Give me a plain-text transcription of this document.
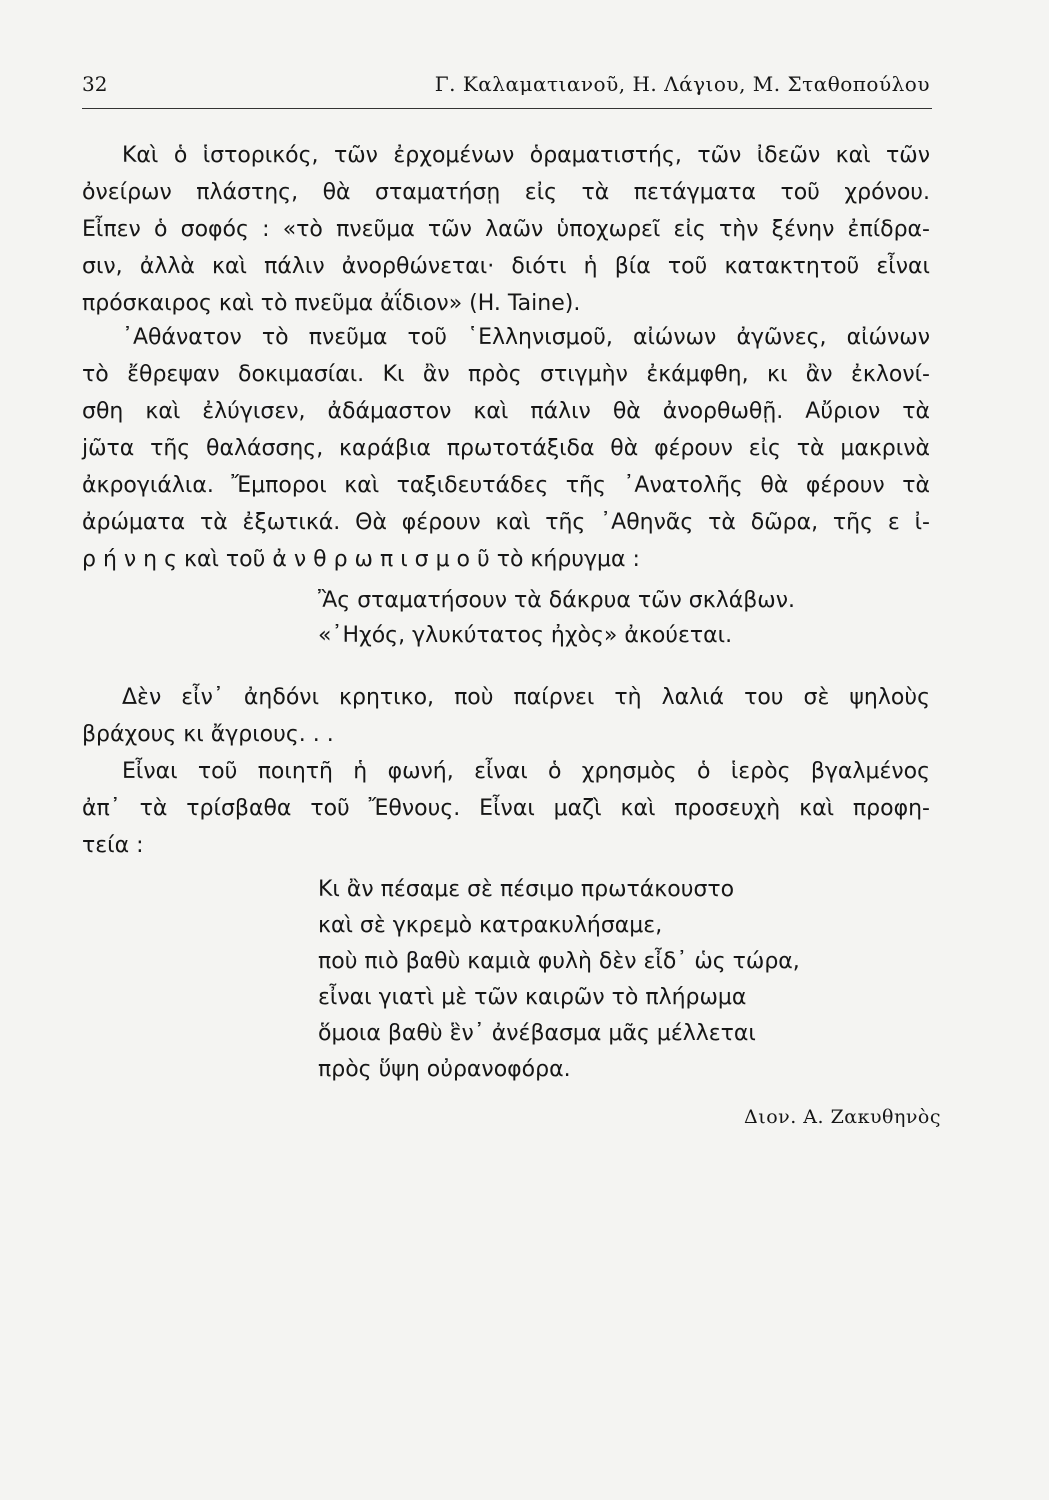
32	Γ. Καλαματιανοῦ, Η. Λάγιου, Μ. Σταθοπούλου
Καὶ ὁ ἱστορικός, τῶν ἐρχομένων ὁραματιστής, τῶν ἰδεῶν καὶ τῶν
ὀνείρων πλάστης, θὰ σταματήσῃ εἰς τὰ πετάγματα τοῦ χρόνου.
Εἶπεν ὁ σοφός : «τὸ πνεῦμα τῶν λαῶν ὑποχωρεῖ εἰς τὴν ξένην ἐπίδρα-
σιν, ἀλλὰ καὶ πάλιν ἀνορθώνεται· διότι ἡ βία τοῦ κατακτητοῦ εἶναι
πρόσκαιρος καὶ τὸ πνεῦμα ἀΐδιον» (H. Taine).
᾿Αθάνατον τὸ πνεῦμα τοῦ ῾Ελληνισμοῦ, αἰώνων ἀγῶνες, αἰώνων
τὸ ἔθρεψαν δοκιμασίαι. Κι ἂν πρὸς στιγμὴν ἐκάμφθη, κι ἂν ἐκλονί-
σθη καὶ ἐλύγισεν, ἀδάμαστον καὶ πάλιν θὰ ἀνορθωθῇ. Αὔριον τὰ
ϳῶτα τῆς θαλάσσης, καράβια πρωτοτάξιδα θὰ φέρουν εἰς τὰ μακρινὰ
ἀκρογιάλια. Ἔμποροι καὶ ταξιδευτάδες τῆς ᾿Ανατολῆς θὰ φέρουν τὰ
ἀρώματα τὰ ἐξωτικά. Θὰ φέρουν καὶ τῆς ᾿Αθηνᾶς τὰ δῶρα, τῆς ε ἰ-
ρ ή ν η ς καὶ τοῦ ἀ ν θ ρ ω π ι σ μ ο ῦ τὸ κήρυγμα :
Ἂς σταματήσουν τὰ δάκρυα τῶν σκλάβων.
«᾿Ηχός, γλυκύτατος ἠχὸς» ἀκούεται.
Δὲν εἶν᾿ ἀηδόνι κρητικο, ποὺ παίρνει τὴ λαλιά του σὲ ψηλοὺς
βράχους κι ἄγριους. . .
Εἶναι τοῦ ποιητῆ ἡ φωνή, εἶναι ὁ χρησμὸς ὁ ἱερὸς βγαλμένος
ἀπ᾿ τὰ τρίσβαθα τοῦ Ἔθνους. Εἶναι μαζὶ καὶ προσευχὴ καὶ προφη-
τεία :
Κι ἂν πέσαμε σὲ πέσιμο πρωτάκουστο
καὶ σὲ γκρεμὸ κατρακυλήσαμε,
ποὺ πιὸ βαθὺ καμιὰ φυλὴ δὲν εἶδ᾿ ὡς τώρα,
εἶναι γιατὶ μὲ τῶν καιρῶν τὸ πλήρωμα
ὅμοια βαθὺ ἓν᾿ ἀνέβασμα μᾶς μέλλεται
πρὸς ὕψη οὐρανοφόρα.
Διον. Α. Ζακυθηνὸς
